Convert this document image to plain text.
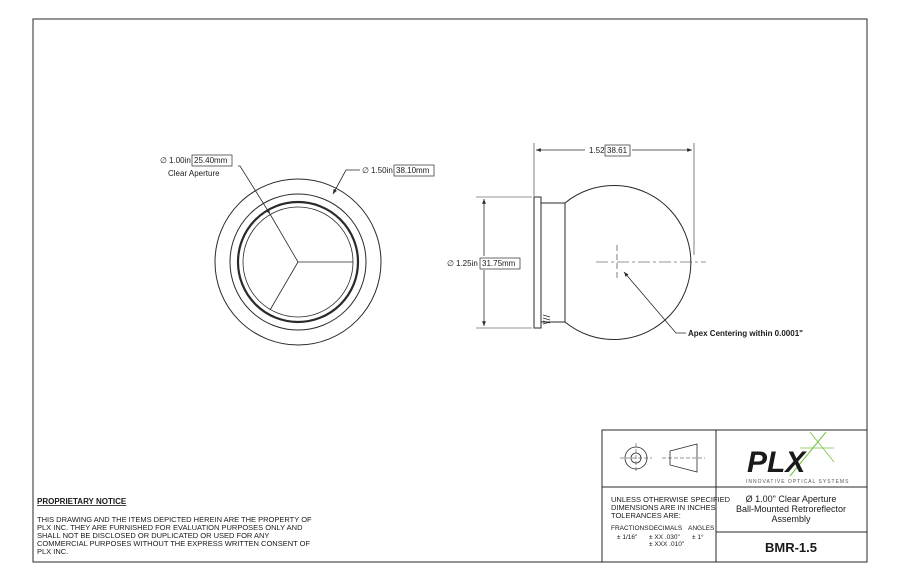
∅ 1.00in 25.40mm
Clear Aperture	∅ 1.50in 38.10mm
1.52 38.61
∅ 1.25in 31.75mm
Apex Centering within 0.0001"
PROPRIETARY NOTICE
THIS DRAWING AND THE ITEMS DEPICTED HEREIN ARE THE PROPERTY OF
PLX INC. THEY ARE FURNISHED FOR EVALUATION PURPOSES ONLY AND
SHALL NOT BE DISCLOSED OR DUPLICATED OR USED FOR ANY
COMMERCIAL PURPOSES WITHOUT THE EXPRESS WRITTEN CONSENT OF
PLX INC.
PLX
INNOVATIVE OPTICAL SYSTEMS
UNLESS OTHERWISE SPECIFIED
DIMENSIONS ARE IN INCHES
TOLERANCES ARE:
FRACTIONS DECIMALS ANGLES
± 1/16" ± XX .030"
± XXX .010"
± 1°
Ø 1.00" Clear Aperture
Ball-Mounted Retroreflector
Assembly
BMR-1.5
